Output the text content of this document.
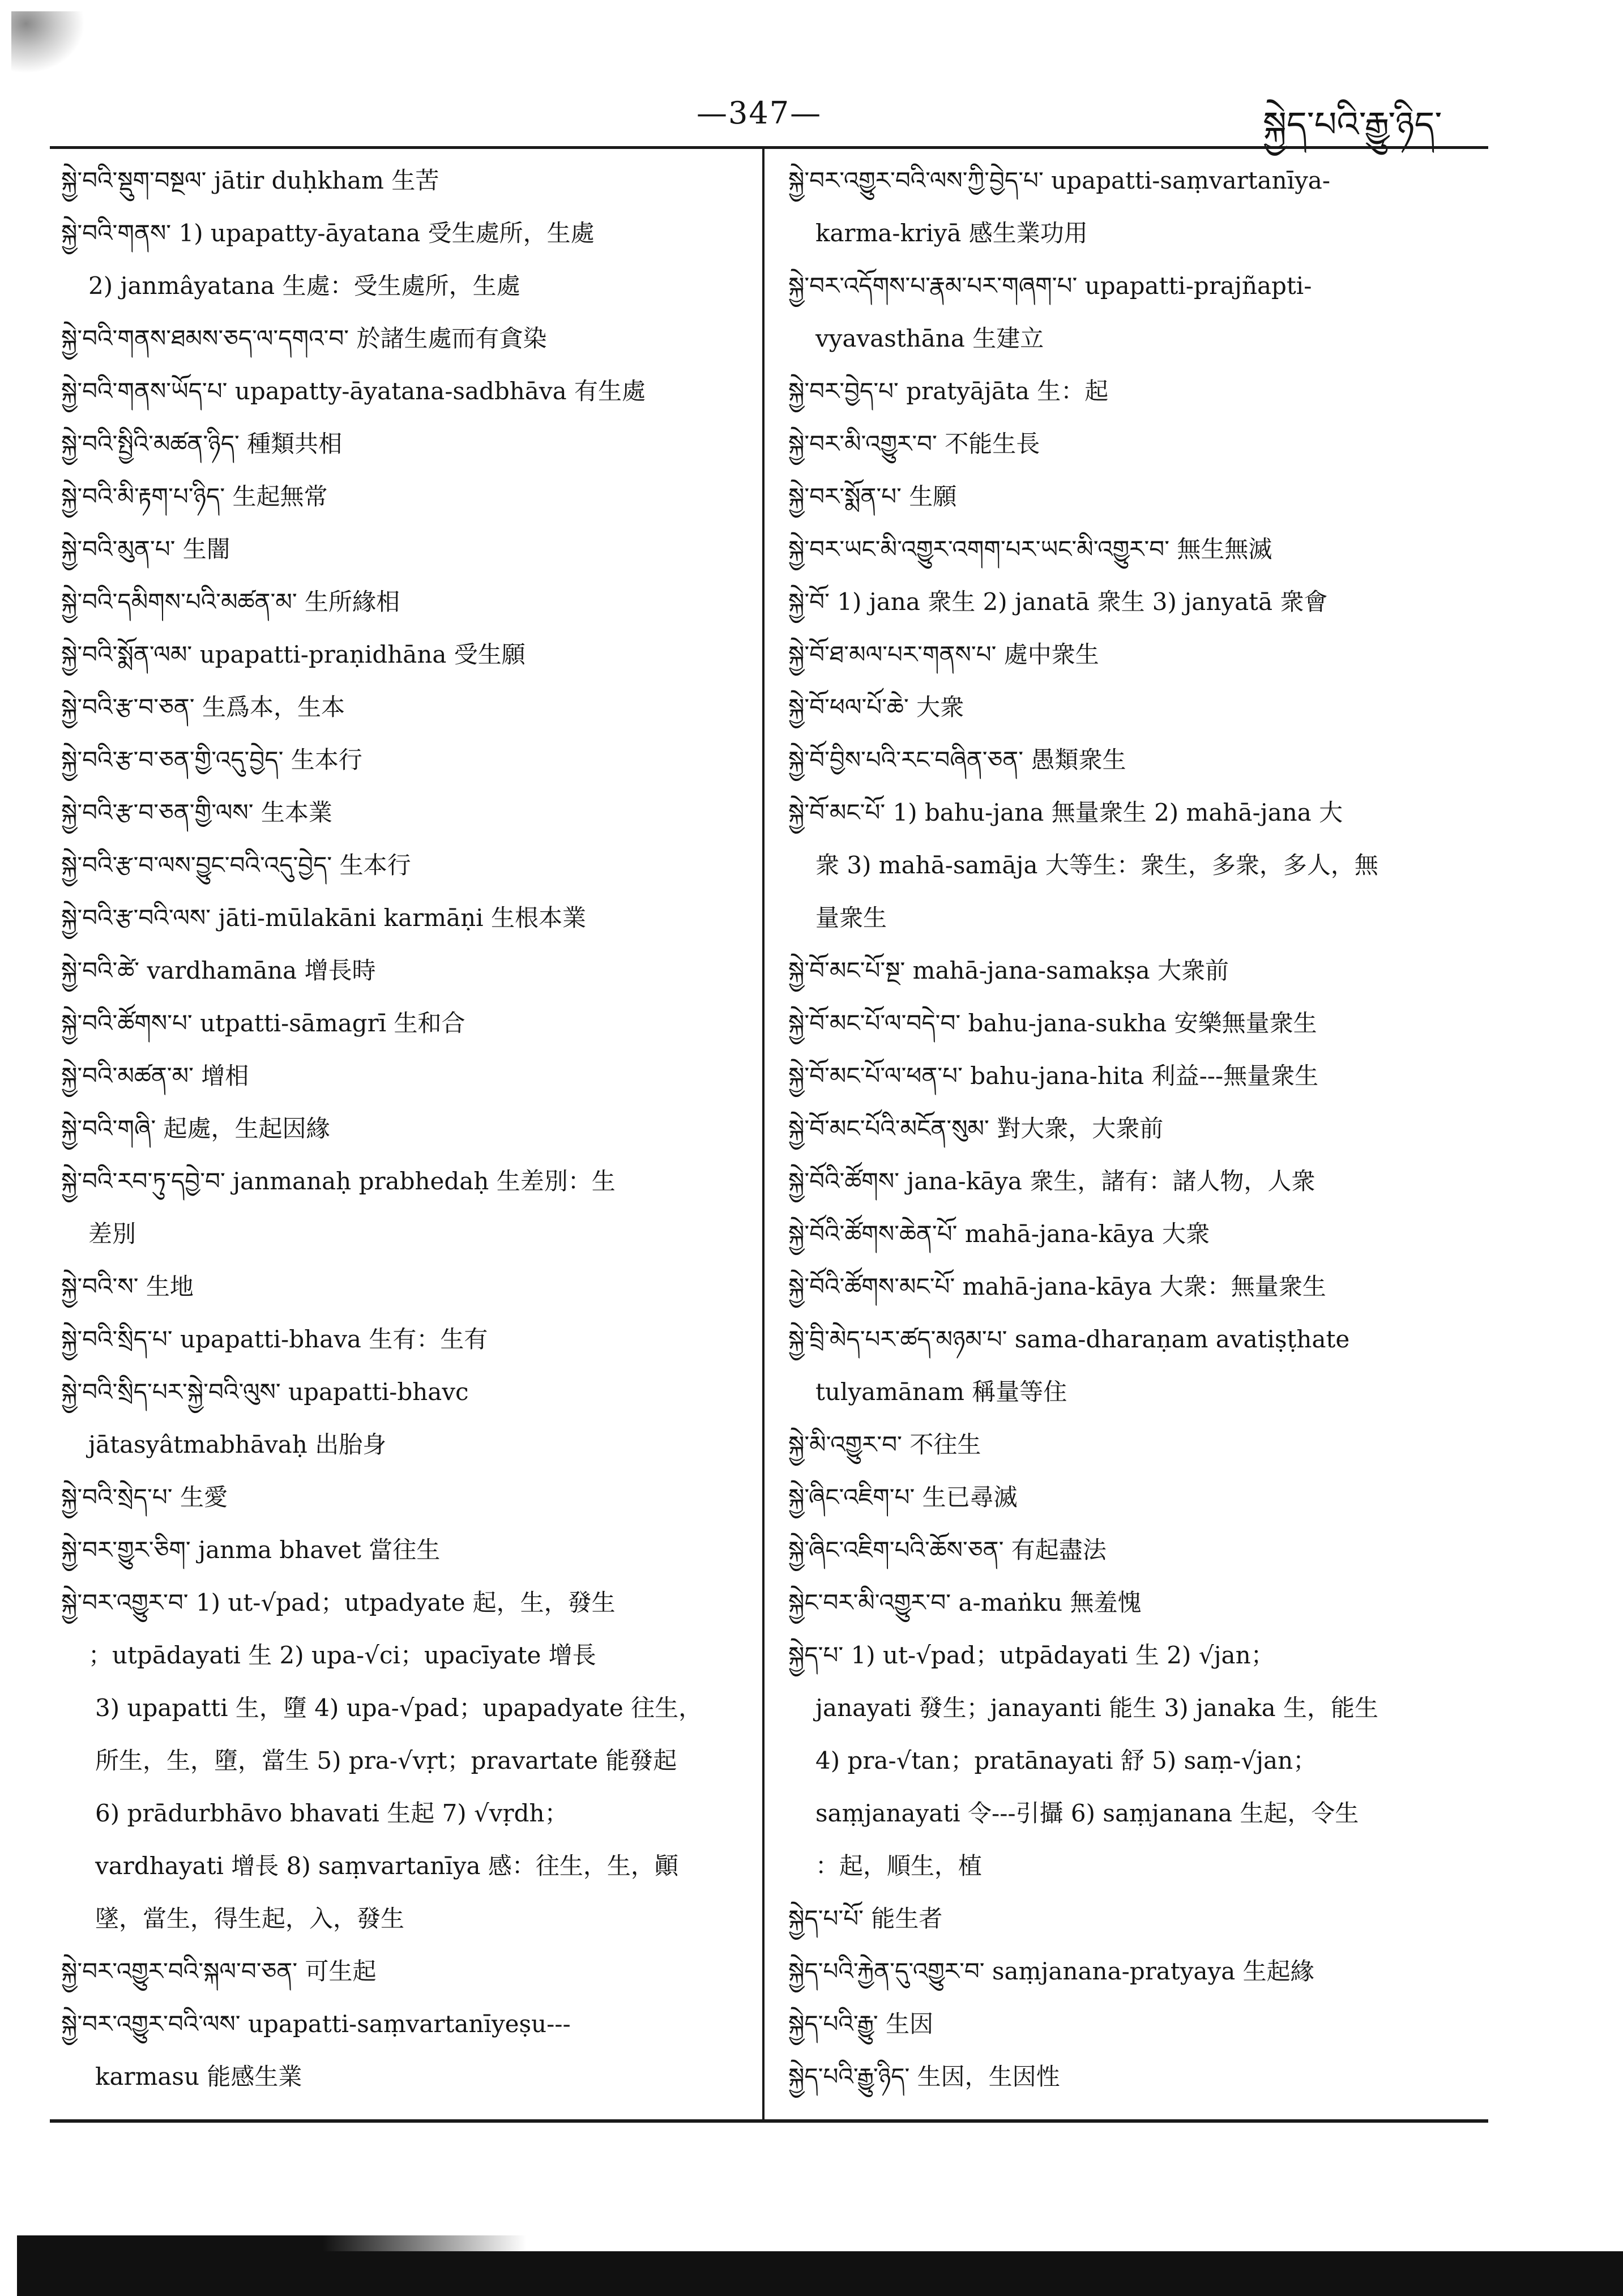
—347—	སྐྱེད་པའི་རྒྱུ་ཉིད་
སྐྱེ་བའི་སྡུག་བསྔལ་ jātir duḥkham 生苦
སྐྱེ་བའི་གནས་ 1) upapatty-āyatana 受生處所，生處
2) janmâyatana 生處：受生處所，生處
སྐྱེ་བའི་གནས་ཐམས་ཅད་ལ་དགའ་བ་ 於諸生處而有貪染
སྐྱེ་བའི་གནས་ཡོད་པ་ upapatty-āyatana-sadbhāva 有生處
སྐྱེ་བའི་སྤྱིའི་མཚན་ཉིད་ 種類共相
སྐྱེ་བའི་མི་རྟག་པ་ཉིད་ 生起無常
སྐྱེ་བའི་མུན་པ་ 生闇
སྐྱེ་བའི་དམིགས་པའི་མཚན་མ་ 生所緣相
སྐྱེ་བའི་སྨོན་ལམ་ upapatti-praṇidhāna 受生願
སྐྱེ་བའི་རྩ་བ་ཅན་ 生爲本，生本
སྐྱེ་བའི་རྩ་བ་ཅན་གྱི་འདུ་བྱེད་ 生本行
སྐྱེ་བའི་རྩ་བ་ཅན་གྱི་ལས་ 生本業
སྐྱེ་བའི་རྩ་བ་ལས་བྱུང་བའི་འདུ་བྱེད་ 生本行
སྐྱེ་བའི་རྩ་བའི་ལས་ jāti-mūlakāni karmāṇi 生根本業
སྐྱེ་བའི་ཚེ་ vardhamāna 增長時
སྐྱེ་བའི་ཚོགས་པ་ utpatti-sāmagrī 生和合
སྐྱེ་བའི་མཚན་མ་ 增相
སྐྱེ་བའི་གཞི་ 起處，生起因緣
སྐྱེ་བའི་རབ་ཏུ་དབྱེ་བ་ janmanaḥ prabhedaḥ 生差別：生
差別
སྐྱེ་བའི་ས་ 生地
སྐྱེ་བའི་སྲིད་པ་ upapatti-bhava 生有：生有
སྐྱེ་བའི་སྲིད་པར་སྐྱེ་བའི་ལུས་ upapatti-bhavc
jātasyâtmabhāvaḥ 出胎身
སྐྱེ་བའི་སྲེད་པ་ 生愛
སྐྱེ་བར་གྱུར་ཅིག་ janma bhavet 當往生
སྐྱེ་བར་འགྱུར་བ་ 1) ut-√pad；utpadyate 起，生，發生
；utpādayati 生 2) upa-√ci；upacīyate 增長
3) upapatti 生，墮 4) upa-√pad；upapadyate 往生，
所生，生，墮，當生 5) pra-√vṛt；pravartate 能發起
6) prādurbhāvo bhavati 生起 7) √vṛdh；
vardhayati 增長 8) saṃvartanīya 感：往生，生，顚
墜，當生，得生起，入，發生
སྐྱེ་བར་འགྱུར་བའི་སྐལ་བ་ཅན་ 可生起
སྐྱེ་བར་འགྱུར་བའི་ལས་ upapatti-saṃvartanīyeṣu---
karmasu 能感生業
སྐྱེ་བར་འགྱུར་བའི་ལས་ཀྱི་བྱེད་པ་ upapatti-saṃvartanīya-
karma-kriyā 感生業功用
སྐྱེ་བར་འདོགས་པ་རྣམ་པར་གཞག་པ་ upapatti-prajñapti-
vyavasthāna 生建立
སྐྱེ་བར་བྱེད་པ་ pratyājāta 生：起
སྐྱེ་བར་མི་འགྱུར་བ་ 不能生長
སྐྱེ་བར་སྨོན་པ་ 生願
སྐྱེ་བར་ཡང་མི་འགྱུར་འགག་པར་ཡང་མི་འགྱུར་བ་ 無生無滅
སྐྱེ་བོ་ 1) jana 衆生 2) janatā 衆生 3) janyatā 衆會
སྐྱེ་བོ་ཐ་མལ་པར་གནས་པ་ 處中衆生
སྐྱེ་བོ་ཕལ་པོ་ཆེ་ 大衆
སྐྱེ་བོ་བྱིས་པའི་རང་བཞིན་ཅན་ 愚類衆生
སྐྱེ་བོ་མང་པོ་ 1) bahu-jana 無量衆生 2) mahā-jana 大
衆 3) mahā-samāja 大等生：衆生，多衆，多人，無
量衆生
སྐྱེ་བོ་མང་པོ་སྔ་ mahā-jana-samakṣa 大衆前
སྐྱེ་བོ་མང་པོ་ལ་བདེ་བ་ bahu-jana-sukha 安樂無量衆生
སྐྱེ་བོ་མང་པོ་ལ་ཕན་པ་ bahu-jana-hita 利益---無量衆生
སྐྱེ་བོ་མང་པོའི་མངོན་སུམ་ 對大衆，大衆前
སྐྱེ་བོའི་ཚོགས་ jana-kāya 衆生，諸有：諸人物，人衆
སྐྱེ་བོའི་ཚོགས་ཆེན་པོ་ mahā-jana-kāya 大衆
སྐྱེ་བོའི་ཚོགས་མང་པོ་ mahā-jana-kāya 大衆：無量衆生
སྐྱེ་བྲི་མེད་པར་ཚད་མཉམ་པ་ sama-dharaṇam avatiṣṭhate
tulyamānam 稱量等住
སྐྱེ་མི་འགྱུར་བ་ 不往生
སྐྱེ་ཞིང་འཇིག་པ་ 生已尋滅
སྐྱེ་ཞིང་འཇིག་པའི་ཆོས་ཅན་ 有起盡法
སྐྱེང་བར་མི་འགྱུར་བ་ a-maṅku 無羞愧
སྐྱེད་པ་ 1) ut-√pad；utpādayati 生 2) √jan；
janayati 發生；janayanti 能生 3) janaka 生，能生
4) pra-√tan；pratānayati 舒 5) saṃ-√jan；
saṃjanayati 令---引攝 6) saṃjanana 生起，令生
：起，順生，植
སྐྱེད་པ་པོ་ 能生者
སྐྱེད་པའི་རྐྱེན་དུ་འགྱུར་བ་ saṃjanana-pratyaya 生起緣
སྐྱེད་པའི་རྒྱུ་ 生因
སྐྱེད་པའི་རྒྱུ་ཉིད་ 生因，生因性
